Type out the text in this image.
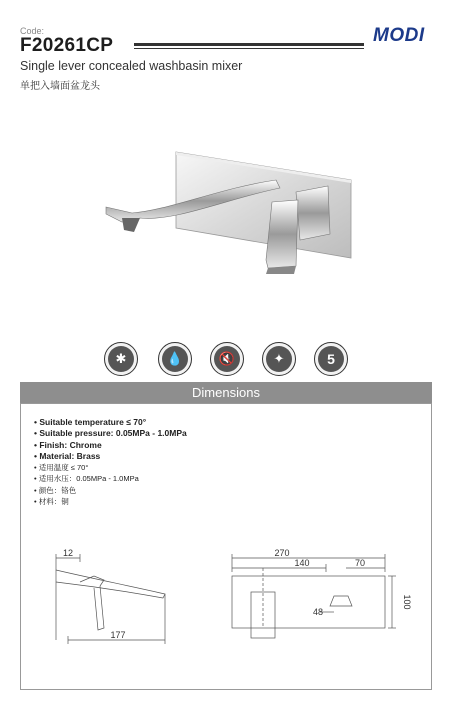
Code:
F20261CP	MODI
Single lever concealed washbasin mixer
单把入墙面盆龙头
✱	💧	🔇	✦	5
Dimensions
• Suitable temperature ≤ 70°
• Suitable pressure: 0.05MPa - 1.0MPa
• Finish: Chrome
• Material: Brass
• 适用温度 ≤ 70°
• 适用水压：0.05MPa - 1.0MPa
• 颜色：铬色
• 材料：铜
12
177
270
140	70
48
100
